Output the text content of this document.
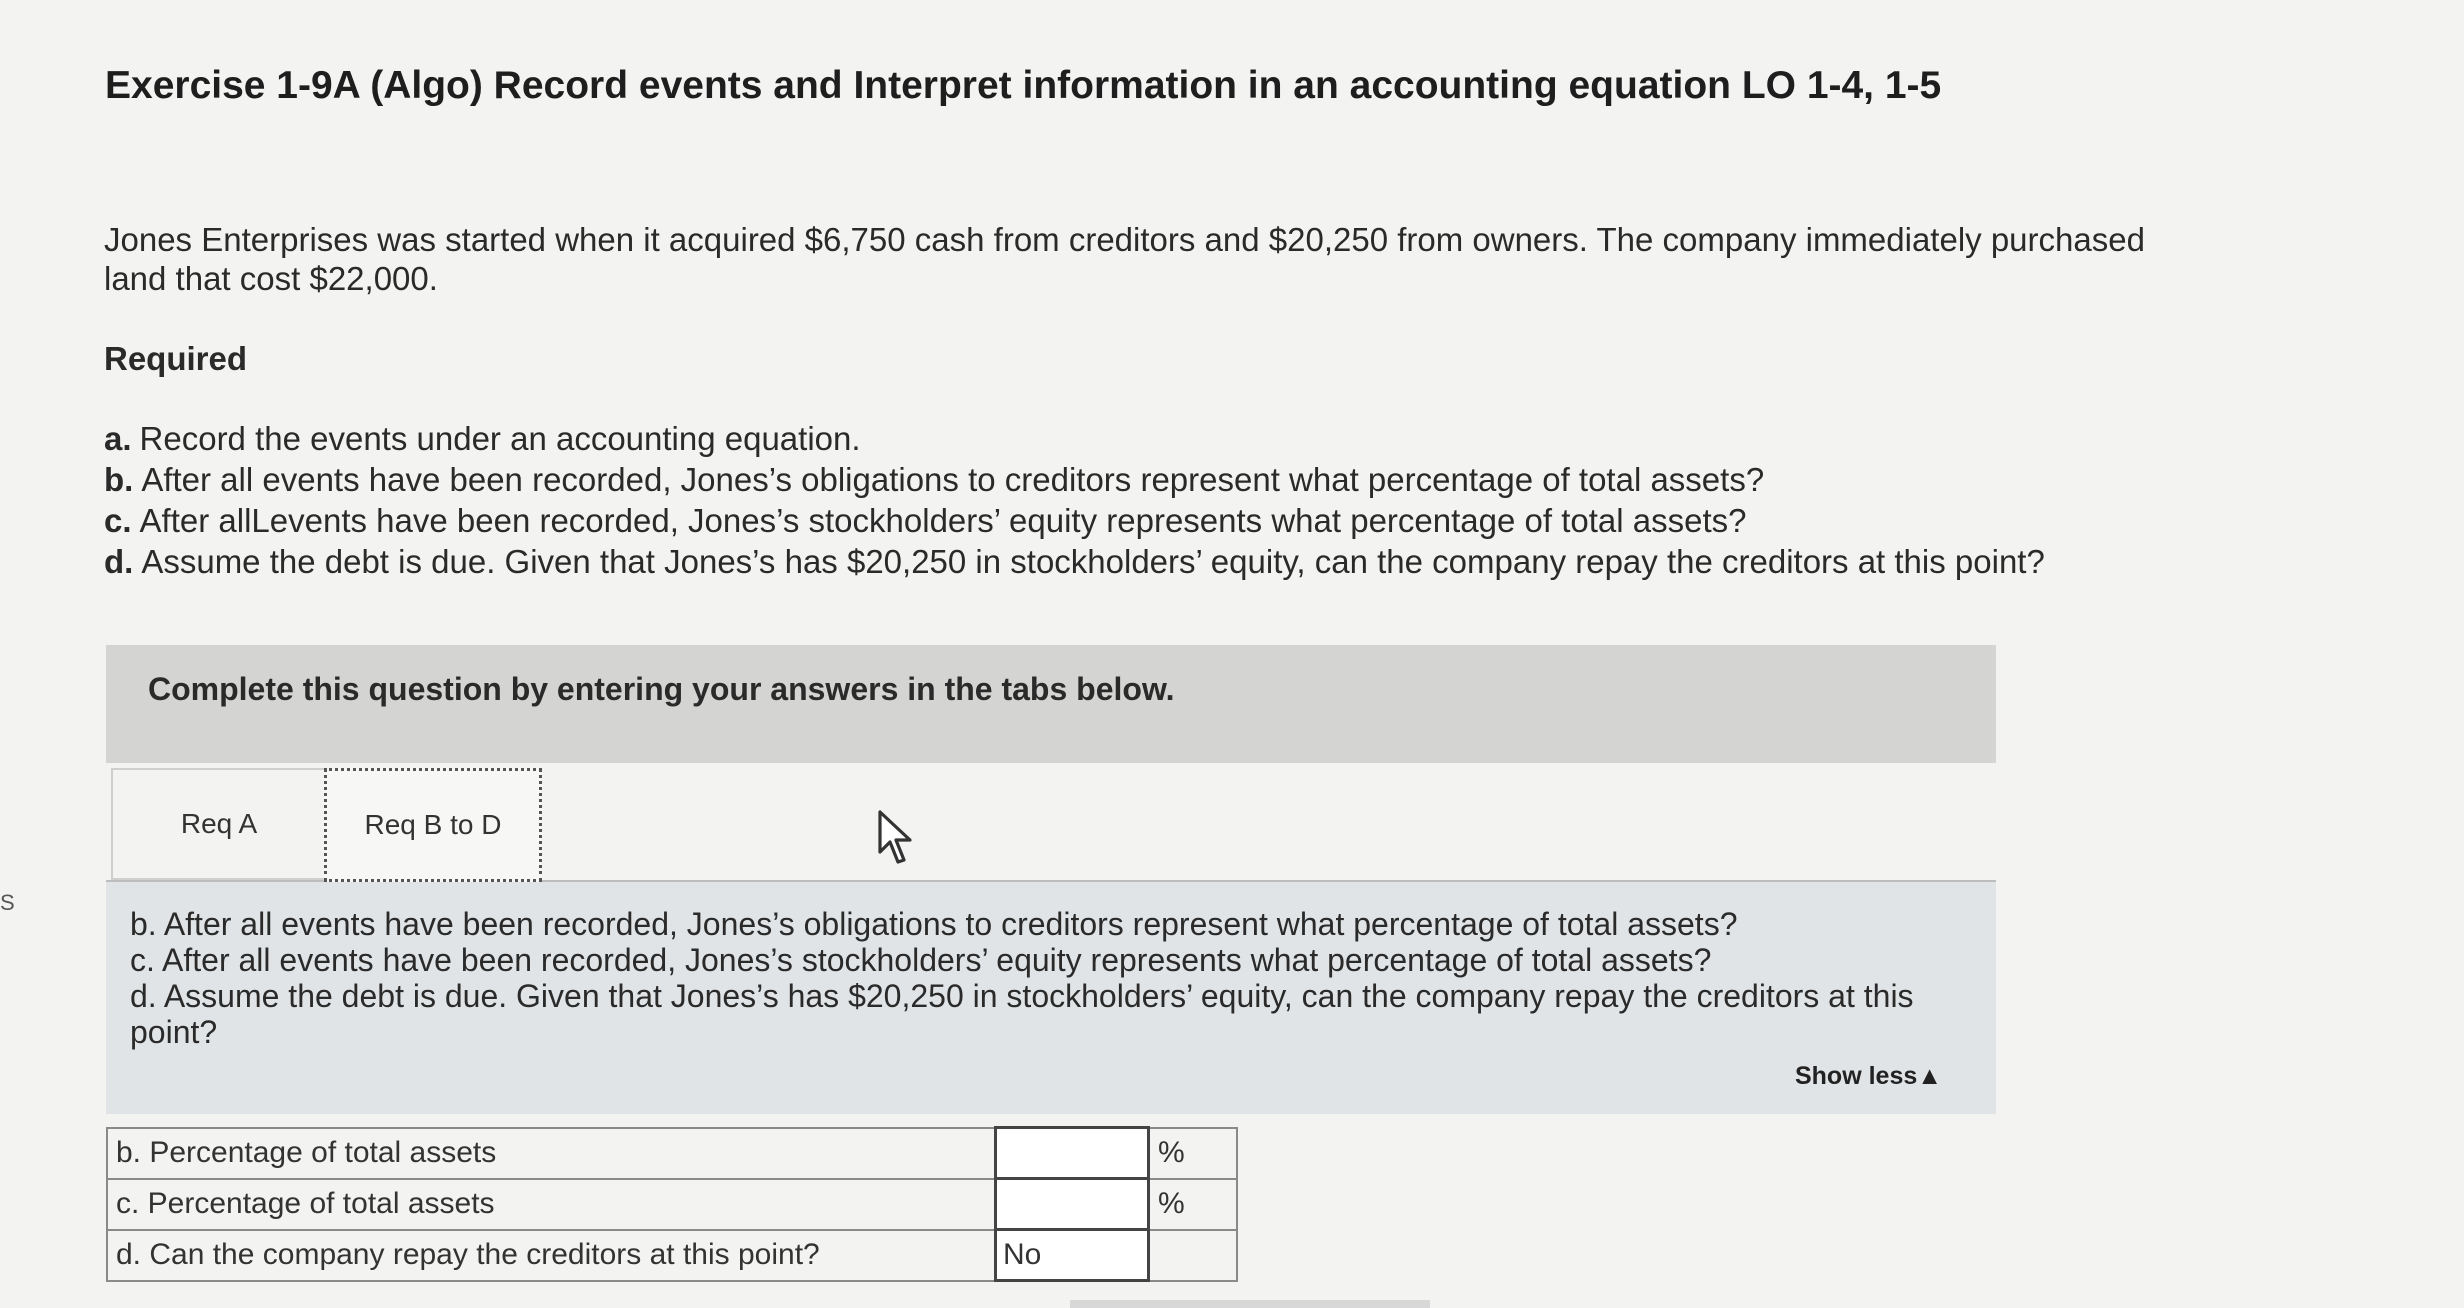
Exercise 1-9A (Algo) Record events and Interpret information in an accounting equation LO 1-4, 1-5
Jones Enterprises was started when it acquired $6,750 cash from creditors and $20,250 from owners. The company immediately purchased land that cost $22,000.
Required
a. Record the events under an accounting equation.
b. After all events have been recorded, Jones’s obligations to creditors represent what percentage of total assets?
c. After allLevents have been recorded, Jones’s stockholders’ equity represents what percentage of total assets?
d. Assume the debt is due. Given that Jones’s has $20,250 in stockholders’ equity, can the company repay the creditors at this point?
Complete this question by entering your answers in the tabs below.
Req A	Req B to D
b. After all events have been recorded, Jones’s obligations to creditors represent what percentage of total assets?
c. After all events have been recorded, Jones’s stockholders’ equity represents what percentage of total assets?
d. Assume the debt is due. Given that Jones’s has $20,250 in stockholders’ equity, can the company repay the creditors at this point?
Show less▲
b. Percentage of total assets		%
c. Percentage of total assets		%
d. Can the company repay the creditors at this point?	No	

S
